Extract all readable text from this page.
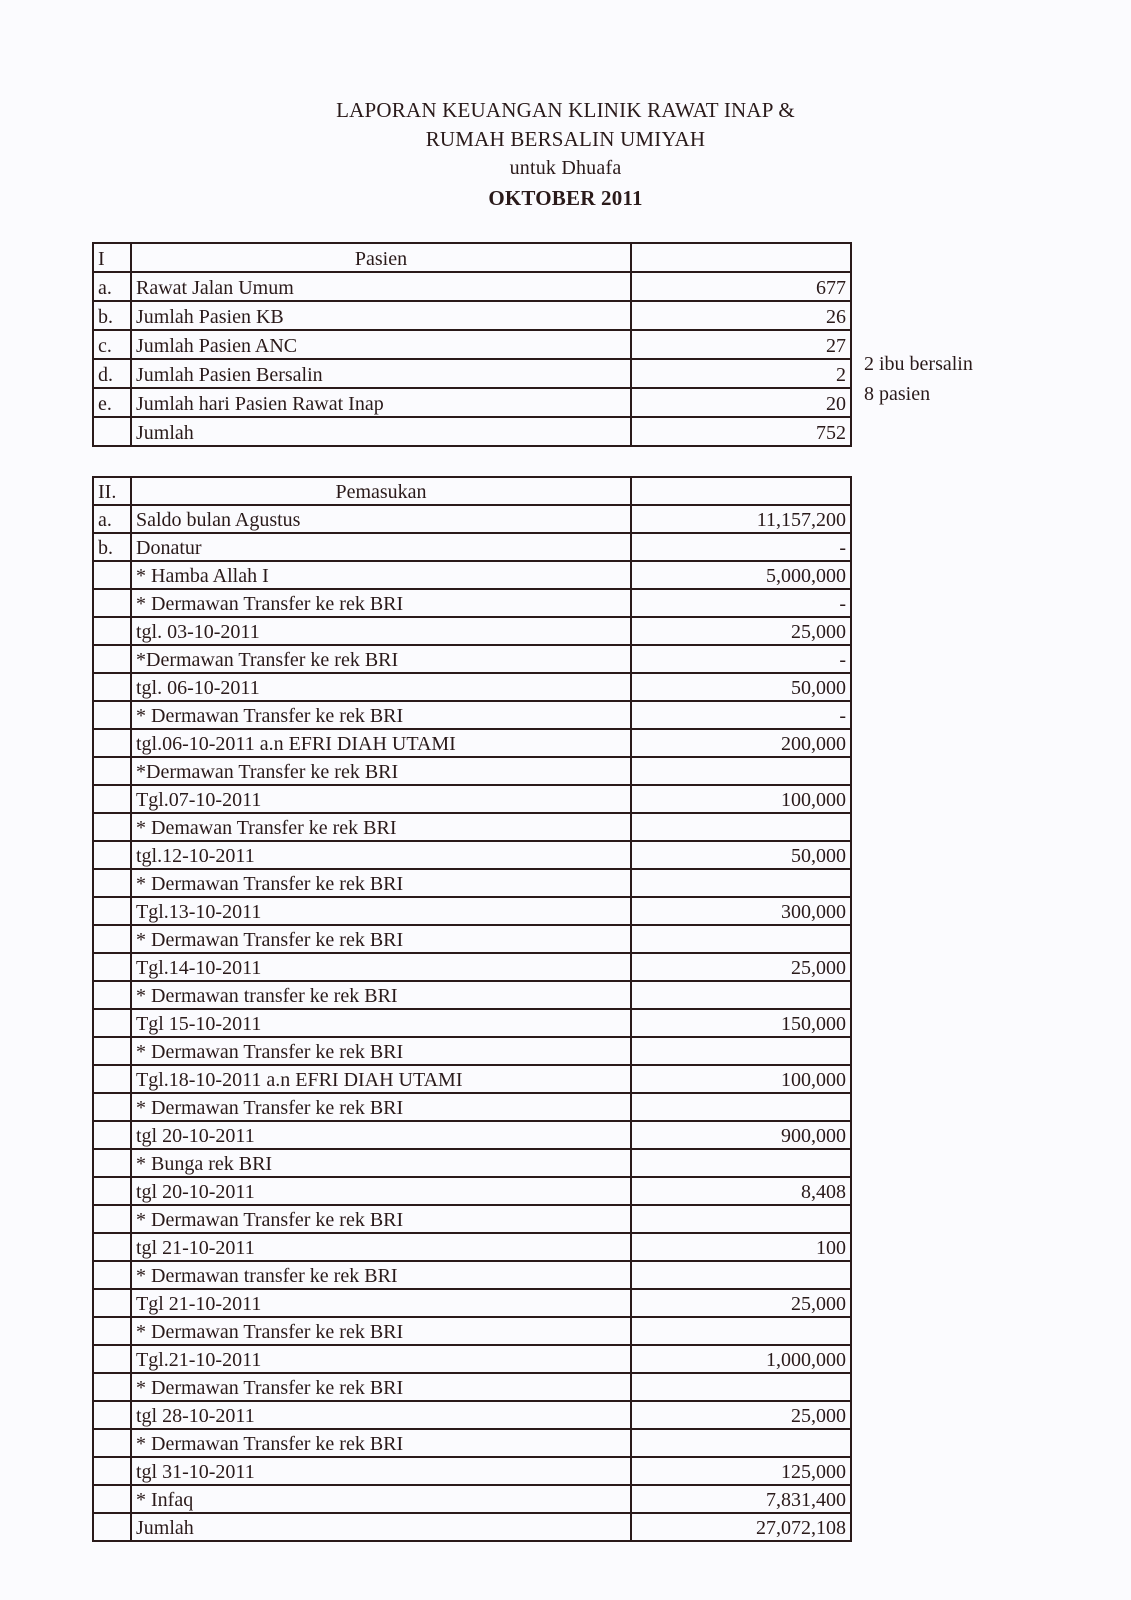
LAPORAN KEUANGAN KLINIK RAWAT INAP &
RUMAH BERSALIN UMIYAH
untuk Dhuafa
OKTOBER 2011
I	Pasien	
a.	Rawat Jalan Umum	677
b.	Jumlah Pasien KB	26
c.	Jumlah Pasien ANC	27
d.	Jumlah Pasien Bersalin	2
e.	Jumlah hari Pasien Rawat Inap	20
	Jumlah	752
2 ibu bersalin
8 pasien
II.	Pemasukan	
a.	Saldo bulan Agustus	11,157,200
b.	Donatur	-
	* Hamba Allah I	5,000,000
	* Dermawan Transfer ke rek BRI	-
	tgl. 03-10-2011	25,000
	*Dermawan Transfer ke rek BRI	-
	tgl. 06-10-2011	50,000
	* Dermawan Transfer ke rek BRI	-
	tgl.06-10-2011 a.n EFRI DIAH UTAMI	200,000
	*Dermawan Transfer ke rek BRI	
	Tgl.07-10-2011	100,000
	* Demawan Transfer ke rek BRI	
	tgl.12-10-2011	50,000
	* Dermawan Transfer ke rek BRI	
	Tgl.13-10-2011	300,000
	* Dermawan Transfer ke rek BRI	
	Tgl.14-10-2011	25,000
	* Dermawan transfer ke rek BRI	
	Tgl 15-10-2011	150,000
	* Dermawan Transfer ke rek BRI	
	Tgl.18-10-2011 a.n EFRI DIAH UTAMI	100,000
	* Dermawan Transfer ke rek BRI	
	tgl 20-10-2011	900,000
	* Bunga rek BRI	
	tgl 20-10-2011	8,408
	* Dermawan Transfer ke rek BRI	
	tgl 21-10-2011	100
	* Dermawan transfer ke rek BRI	
	Tgl 21-10-2011	25,000
	* Dermawan Transfer ke rek BRI	
	Tgl.21-10-2011	1,000,000
	* Dermawan Transfer ke rek BRI	
	tgl 28-10-2011	25,000
	* Dermawan Transfer ke rek BRI	
	tgl 31-10-2011	125,000
	* Infaq	7,831,400
	Jumlah	27,072,108
